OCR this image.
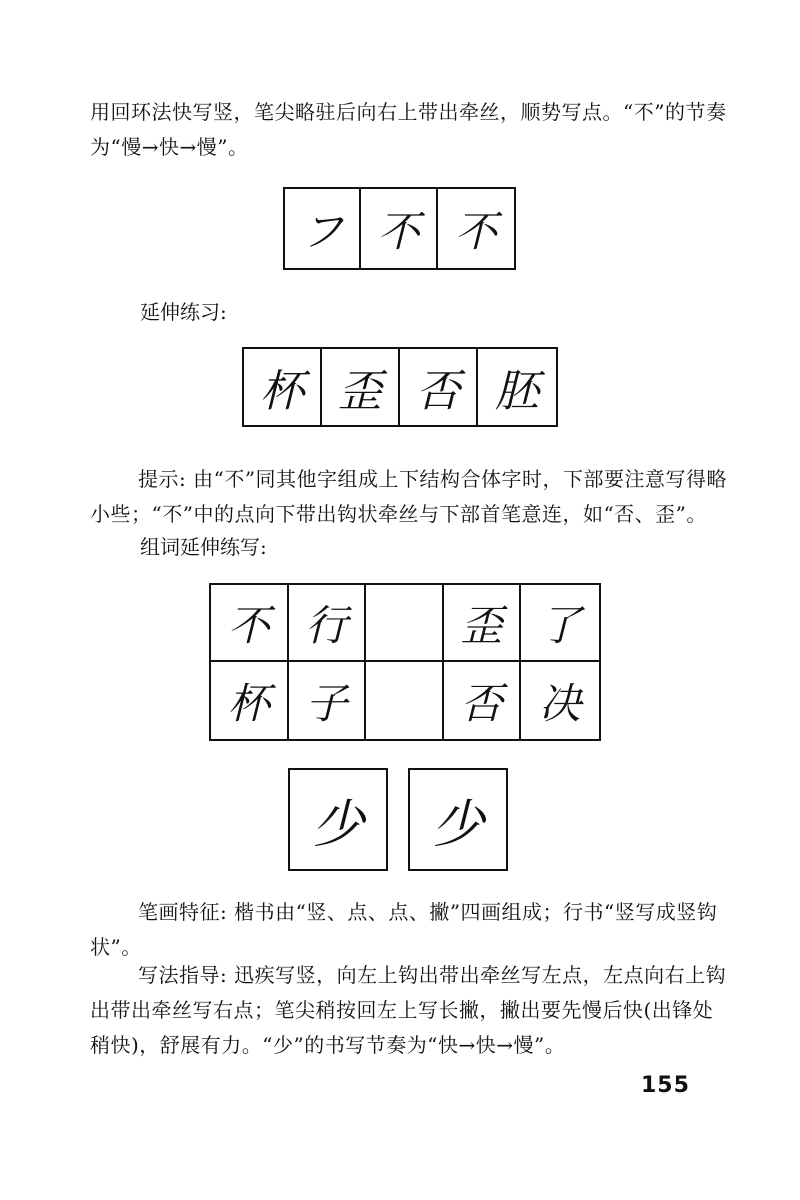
用回环法快写竖，笔尖略驻后向右上带出牵丝，顺势写点。“不”的节奏为“慢→快→慢”。

フ 不 不

延伸练习:

杯 歪 否 胚

提示: 由“不”同其他字组成上下结构合体字时，下部要注意写得略小些；“不”中的点向下带出钩状牵丝与下部首笔意连，如“否、歪”。

组词延伸练写:

不 行	歪 了
杯 子	否 决
少	少

笔画特征: 楷书由“竖、点、点、撇”四画组成；行书“竖写成竖钩状”。

写法指导: 迅疾写竖，向左上钩出带出牵丝写左点，左点向右上钩出带出牵丝写右点；笔尖稍按回左上写长撇，撇出要先慢后快(出锋处稍快)，舒展有力。“少”的书写节奏为“快→快→慢”。

155
